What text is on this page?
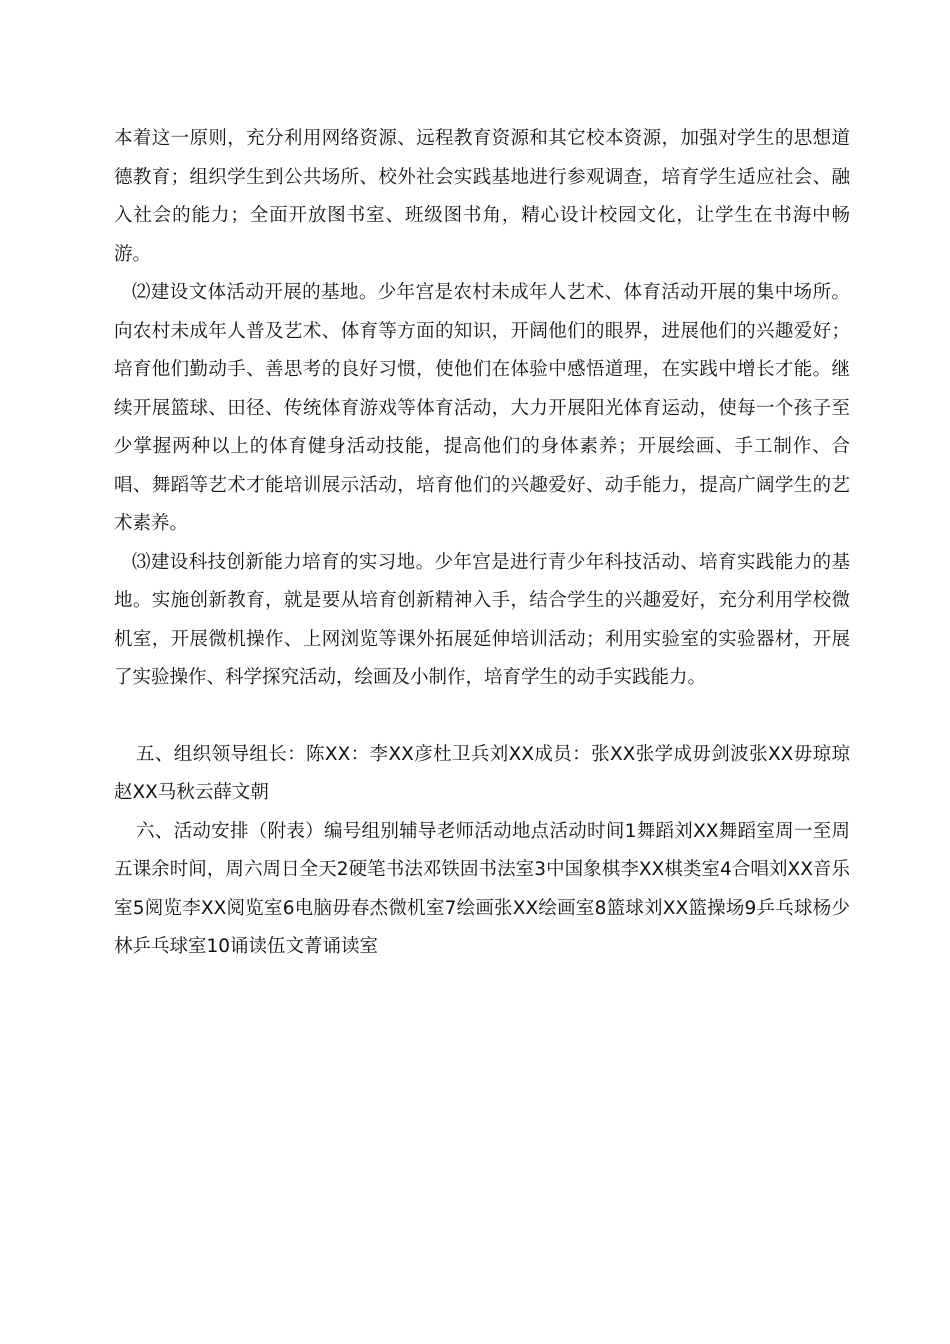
本着这一原则，充分利用网络资源、远程教育资源和其它校本资源，加强对学生的思想道德教育；组织学生到公共场所、校外社会实践基地进行参观调查，培育学生适应社会、融入社会的能力；全面开放图书室、班级图书角，精心设计校园文化，让学生在书海中畅游。

⑵建设文体活动开展的基地。少年宫是农村未成年人艺术、体育活动开展的集中场所。向农村未成年人普及艺术、体育等方面的知识，开阔他们的眼界，进展他们的兴趣爱好；培育他们勤动手、善思考的良好习惯，使他们在体验中感悟道理，在实践中增长才能。继续开展篮球、田径、传统体育游戏等体育活动，大力开展阳光体育运动，使每一个孩子至少掌握两种以上的体育健身活动技能，提高他们的身体素养；开展绘画、手工制作、合唱、舞蹈等艺术才能培训展示活动，培育他们的兴趣爱好、动手能力，提高广阔学生的艺术素养。

⑶建设科技创新能力培育的实习地。少年宫是进行青少年科技活动、培育实践能力的基地。实施创新教育，就是要从培育创新精神入手，结合学生的兴趣爱好，充分利用学校微机室，开展微机操作、上网浏览等课外拓展延伸培训活动；利用实验室的实验器材，开展了实验操作、科学探究活动，绘画及小制作，培育学生的动手实践能力。

五、组织领导组长：陈XX：李XX彦杜卫兵刘XX成员：张XX张学成毋剑波张XX毋琼琼赵XX马秋云薛文朝

六、活动安排（附表）编号组别辅导老师活动地点活动时间1舞蹈刘XX舞蹈室周一至周五课余时间，周六周日全天2硬笔书法邓铁固书法室3中国象棋李XX棋类室4合唱刘XX音乐室5阅览李XX阅览室6电脑毋春杰微机室7绘画张XX绘画室8篮球刘XX篮操场9乒乓球杨少林乒乓球室10诵读伍文菁诵读室
